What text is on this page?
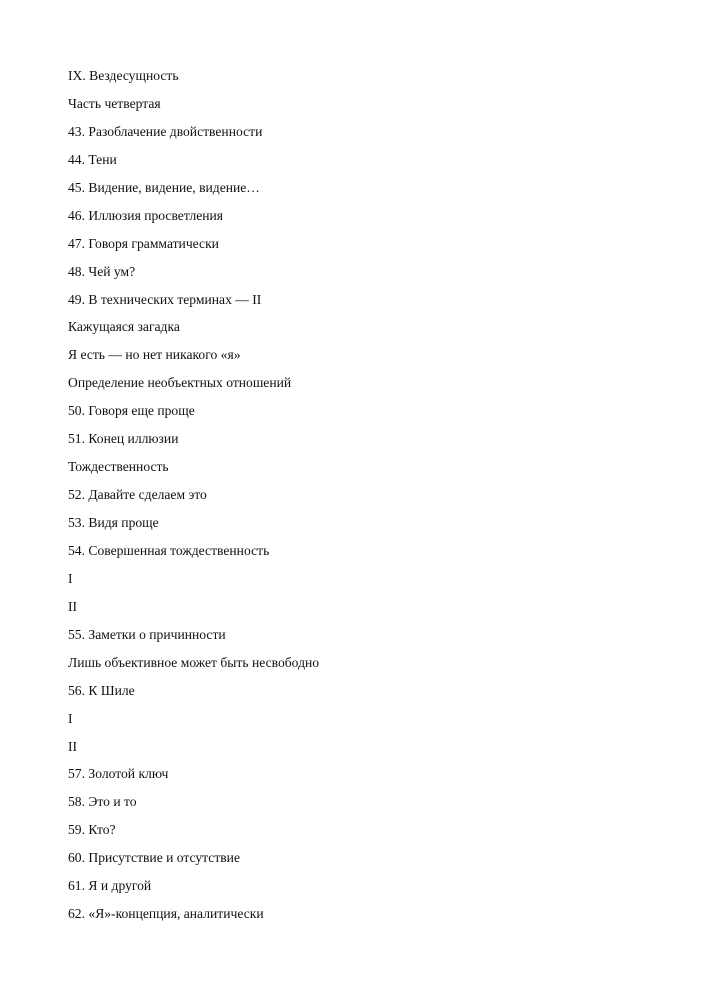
IX. Вездесущность
Часть четвертая
43. Разоблачение двойственности
44. Тени
45. Видение, видение, видение…
46. Иллюзия просветления
47. Говоря грамматически
48. Чей ум?
49. В технических терминах — II
Кажущаяся загадка
Я есть — но нет никакого «я»
Определение необъектных отношений
50. Говоря еще проще
51. Конец иллюзии
Тождественность
52. Давайте сделаем это
53. Видя проще
54. Совершенная тождественность
I
II
55. Заметки о причинности
Лишь объективное может быть несвободно
56. К Шиле
I
II
57. Золотой ключ
58. Это и то
59. Кто?
60. Присутствие и отсутствие
61. Я и другой
62. «Я»-концепция, аналитически
